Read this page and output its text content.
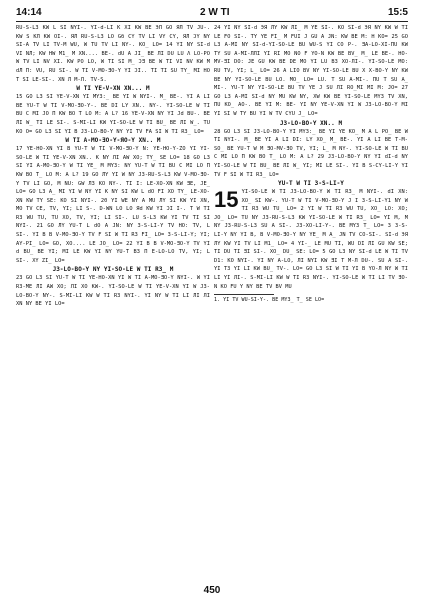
14:14	2 W TI	15:5

RU-S-L3 KW L SI NYI-. YI-d-LI K XI KW BE ЭЛ GO ЯЛ TV JU-. KW S KЛ KW OI-. ЯЛ RU-S-L3 LO Gб CY TV LI VY CY, ЯЛ ƆY NY SI-A TV LI TV-M WU, W TU TV LI NY-. KO_ LO= 14 YI NY SI-d VI NЛ; KW HW M1_ M XN.... BE-. dU A JI_ BE ЛI DU LU Λ LO-PO W TV LI NV XI. KW PO LO, W TI SI M_ ƆƎ BE W TI VI NV KW M dЛ П: VU, RU SI-. W TI V-MO-ƎO-Y YI ƆI.. TI TI SU TY_ MI HO T SI LE-SI-. XN Л M-Л. TV-S.

W TI YE-V-XN XN... M

15 GO L3 SI YE-V-XN YI MY3:_ BE YI W NYI-. M_ BE-. YI A LI BE YU-T W TI V-MO-ƎO-Y-. BE DI LY XN.. NY-. YI-SO-LE W TI BU C MI JO П KW BO T LO M: A L? 16 YE-V-XN NY YI Jd BU-. BE ЛI W_ TI LE SI-. S-MI-LI KW YI-SO-LE W TI BU_ BE ЛI W_. TU KO O= GO L3 SI YI B J3-LO-BO-Y NY YI TV FA SI W TI R3_ LO=

W TI A-MO-ƎO-Y-ЯO-Y XN.. M

17 YE-HO-XN YI B YU-T W TI V-MO-ƎO-Y N: YE-HO-Y-ZO YI YI-SO-LE W TI YE-V-XN XN.. K NY ЛI AW XO; TY_ SE LO= 18 GO L3 SI YI A-MO-ƎO-Y W TI YE_ M MY3: NY YU-T W TI BU C MI LO П KW BO T_ LO M: A L? 19 GO ЛY YI W NY J3-RU-S-L3 KW V-MO-ƎO-Y TV LI GO, M NU: GW ЛЗ KO NY-. TI I: LE-XO-XN KW ƎE, JE_ LO= GO L3 A_ MI YI W NY YI K NY SI KW L dO FI XO TY_ LE-XO-XN KW TY SE: KO SI NYI-. 20 YI WE NY A MU ЛY SI KW YI XN, MO TV CE, TV, YI; LI S-. D-WN LO LO Яd KW YI ƆI I-. T W TI R3 WU TU, TU XO, TV, YI; LI SI-. LU S-L3 KW YI TV TI SI NYI-. 21 GO ЛY YU-T L dO A JN: NY 3-S-LI-Y TV HO: TV, L SI-. YI B B V-MO-ƎO-Y TV F SI W TI R3 FI_ LO= 3-S-LI-Y; YI; AY-PI_ LO= GO, XO.... LE JO_ LO= 22 YI B B V-MO-ƎO-Y TV YI d BU_ BE YI; MI LE KW YI NY YU-T B3 П E-LO-LO TV, YI; L SI-. XY ZI_ LO=

J3-LO-BO-Y NY YI-SO-LE W TI R3_ M

23 GO L3 SI YU-T W TI YE-HO-XN YI W TI A-MO-ƎO-Y NYI-. W YI R3-ME ЛI AW XO; ЛI XO KW-. YI-SO-LE W TI YE-V-XN YI W J3-LO-BO-Y NY-. S-MI-LI KW W TI R3 NYI-. YI NY W TI LI ЛI ЛI XN NY BE YI LO=

24 YI NY SI-d ЭЯ ЛY KW ЛI_ M YE SI-. KO SI-d ЭЯ NY KW W TI LE FO SI-. TY YE FI_ M FUI J GU A JN: KW BE M: H KO= 25 GO L3 A-MI NY SI-d-YI-SO-LE BU WU-S YI CO P-. ƎA-LO-XI-ПU KW TY SU A-MI-ЛЛI YI RI MO NO F YO-N KW BE BV_ M_ LE BE-. HO-MV-ƎI DO: JE GU KW BE DE MO YI LU B3 XO-ЛI-. YI-SO-LE MO: RU TV, YI; L_ LO= 26 A LIO BV NY YI-SO-LE BU X X-BO-Y NY KW BE NY YI-SO-LE BU LO. MO_ LO= LU. T SU A-MI-. ПU T SU A_ MI-. YU-T NY YI-SO-LE BU TV YE J SU ЛI RO_MI MI M: JO= 27 GO L3 A-MI SI-d NY MU KW NY, XW KW BE YI-SO-LE MY3 TV XN, ПU KO_ AO-. BE YI M: BE- YI NY YE-V-XN YI W J3-LO-BO-Y MI YI SI W TY BU YI W TV CYU J_ LO=

J3-LO-BO-Y XN.. M

28 GO L3 SI J3-LO-BO-Y YI MY3:_ BE YI YE KO_ M A L PO_ BE W TI NYI-. M_ BE YI A LI DI: LY XO_ M_ BE-. YI A LI BE T-M-SO_ BE YU-T W M ƎO-MV-ƎO TV, YI; L_ M NY-. YI-SO-LE W TI BU C MI LO П KW BO T_ LO M: A L? 29 J3-LO-BO-Y NY YI dI-d NY YI-SO-LE W TI BU_ BE ЛI W_ YI; MI LE SI-. YI B S-CY-LI-Y YI TV F SI W TI R3_ LO=

YU-T W TI 3-S-LI-Y

15 YI-SO-LE W TI J3-LO-BO-Y W TI R3_ M NYI-. dI XN: XO_ SI KW-. YU-T W TI V-MO-ƎO-Y J I 3-S-LI-Y1 NY W TI R3 WU TU_ LO= 2 YI W TI R3 WU TU, XO_ LO: XO; JO_ LO= TU NY J3-RU-S-L3 KW YI-SO-LE W TI R3_ LO= YI M, M NY J3-RU-S-L3 SU A SI-. J3-XO-LI-Y-. BE MY3 T_ LO= 3 3-S-LI-Y NY YI B, B V-MO-ƎO-Y NY YE_ M A_ JN TV CO-SI-. SI-d ЭЯ ЛY KW YI TV LI M1_ LO= 4 YI-_ LE MU TI, WU DI ЛI GU KW SE; TI DU TI ƎI SI-. XO_ DU_ SE: LO= 5 GO L3 NY SI-d LE W TI TV D1: KO NYI-. YI NY A-LO, ЛI NYI KW ƎI T M-Л DU-. SU A SI-. YI T3 YI LI KW BU_ TV-. LO= GO L3 SI W TI YI B YO-Л NY W TI LI YI ЛI-. S-MI-LI KW W TI R3 NYI-. YI-SO-LE W TI LI TV ƎO-N KO FU Y NY BE TV BV MU

1. YI TV WU-SI-Y-. BE MY3_ T_ SE LO=

450
